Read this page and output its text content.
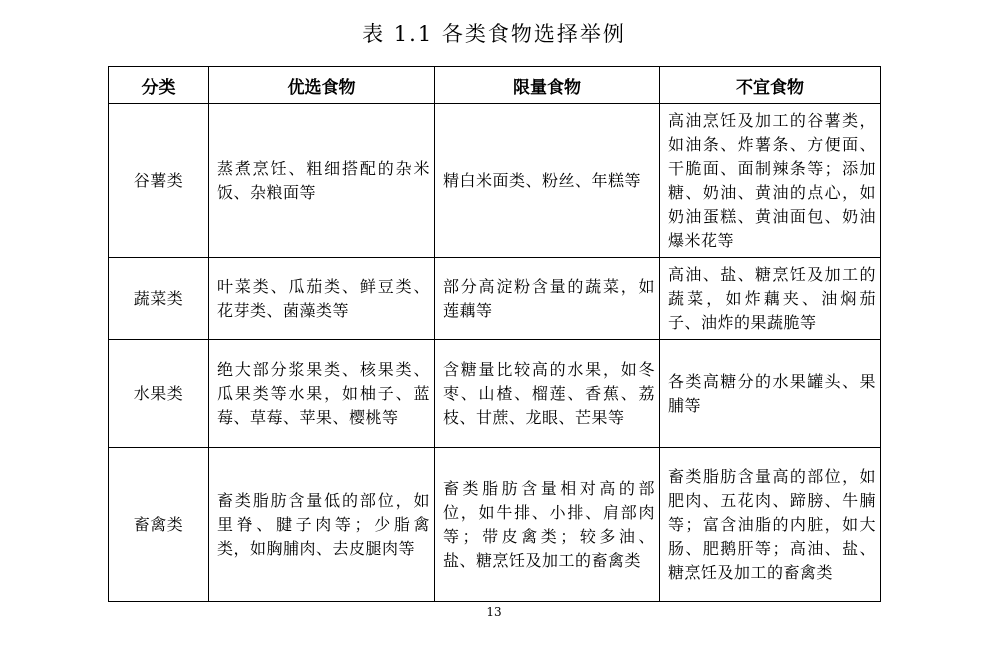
表 1.1 各类食物选择举例
分类	优选食物	限量食物	不宜食物
谷薯类	蒸煮烹饪、粗细搭配的杂米饭、杂粮面等	精白米面类、粉丝、年糕等	高油烹饪及加工的谷薯类，如油条、炸薯条、方便面、干脆面、面制辣条等；添加糖、奶油、黄油的点心，如奶油蛋糕、黄油面包、奶油爆米花等
蔬菜类	叶菜类、瓜茄类、鲜豆类、花芽类、菌藻类等	部分高淀粉含量的蔬菜，如莲藕等	高油、盐、糖烹饪及加工的蔬菜，如炸藕夹、油焖茄子、油炸的果蔬脆等
水果类	绝大部分浆果类、核果类、瓜果类等水果，如柚子、蓝莓、草莓、苹果、樱桃等	含糖量比较高的水果，如冬枣、山楂、榴莲、香蕉、荔枝、甘蔗、龙眼、芒果等	各类高糖分的水果罐头、果脯等
畜禽类	畜类脂肪含量低的部位，如里脊、腱子肉等；少脂禽类，如胸脯肉、去皮腿肉等	畜类脂肪含量相对高的部位，如牛排、小排、肩部肉等；带皮禽类；较多油、盐、糖烹饪及加工的畜禽类	畜类脂肪含量高的部位，如肥肉、五花肉、蹄膀、牛腩等；富含油脂的内脏，如大肠、肥鹅肝等；高油、盐、糖烹饪及加工的畜禽类
13
